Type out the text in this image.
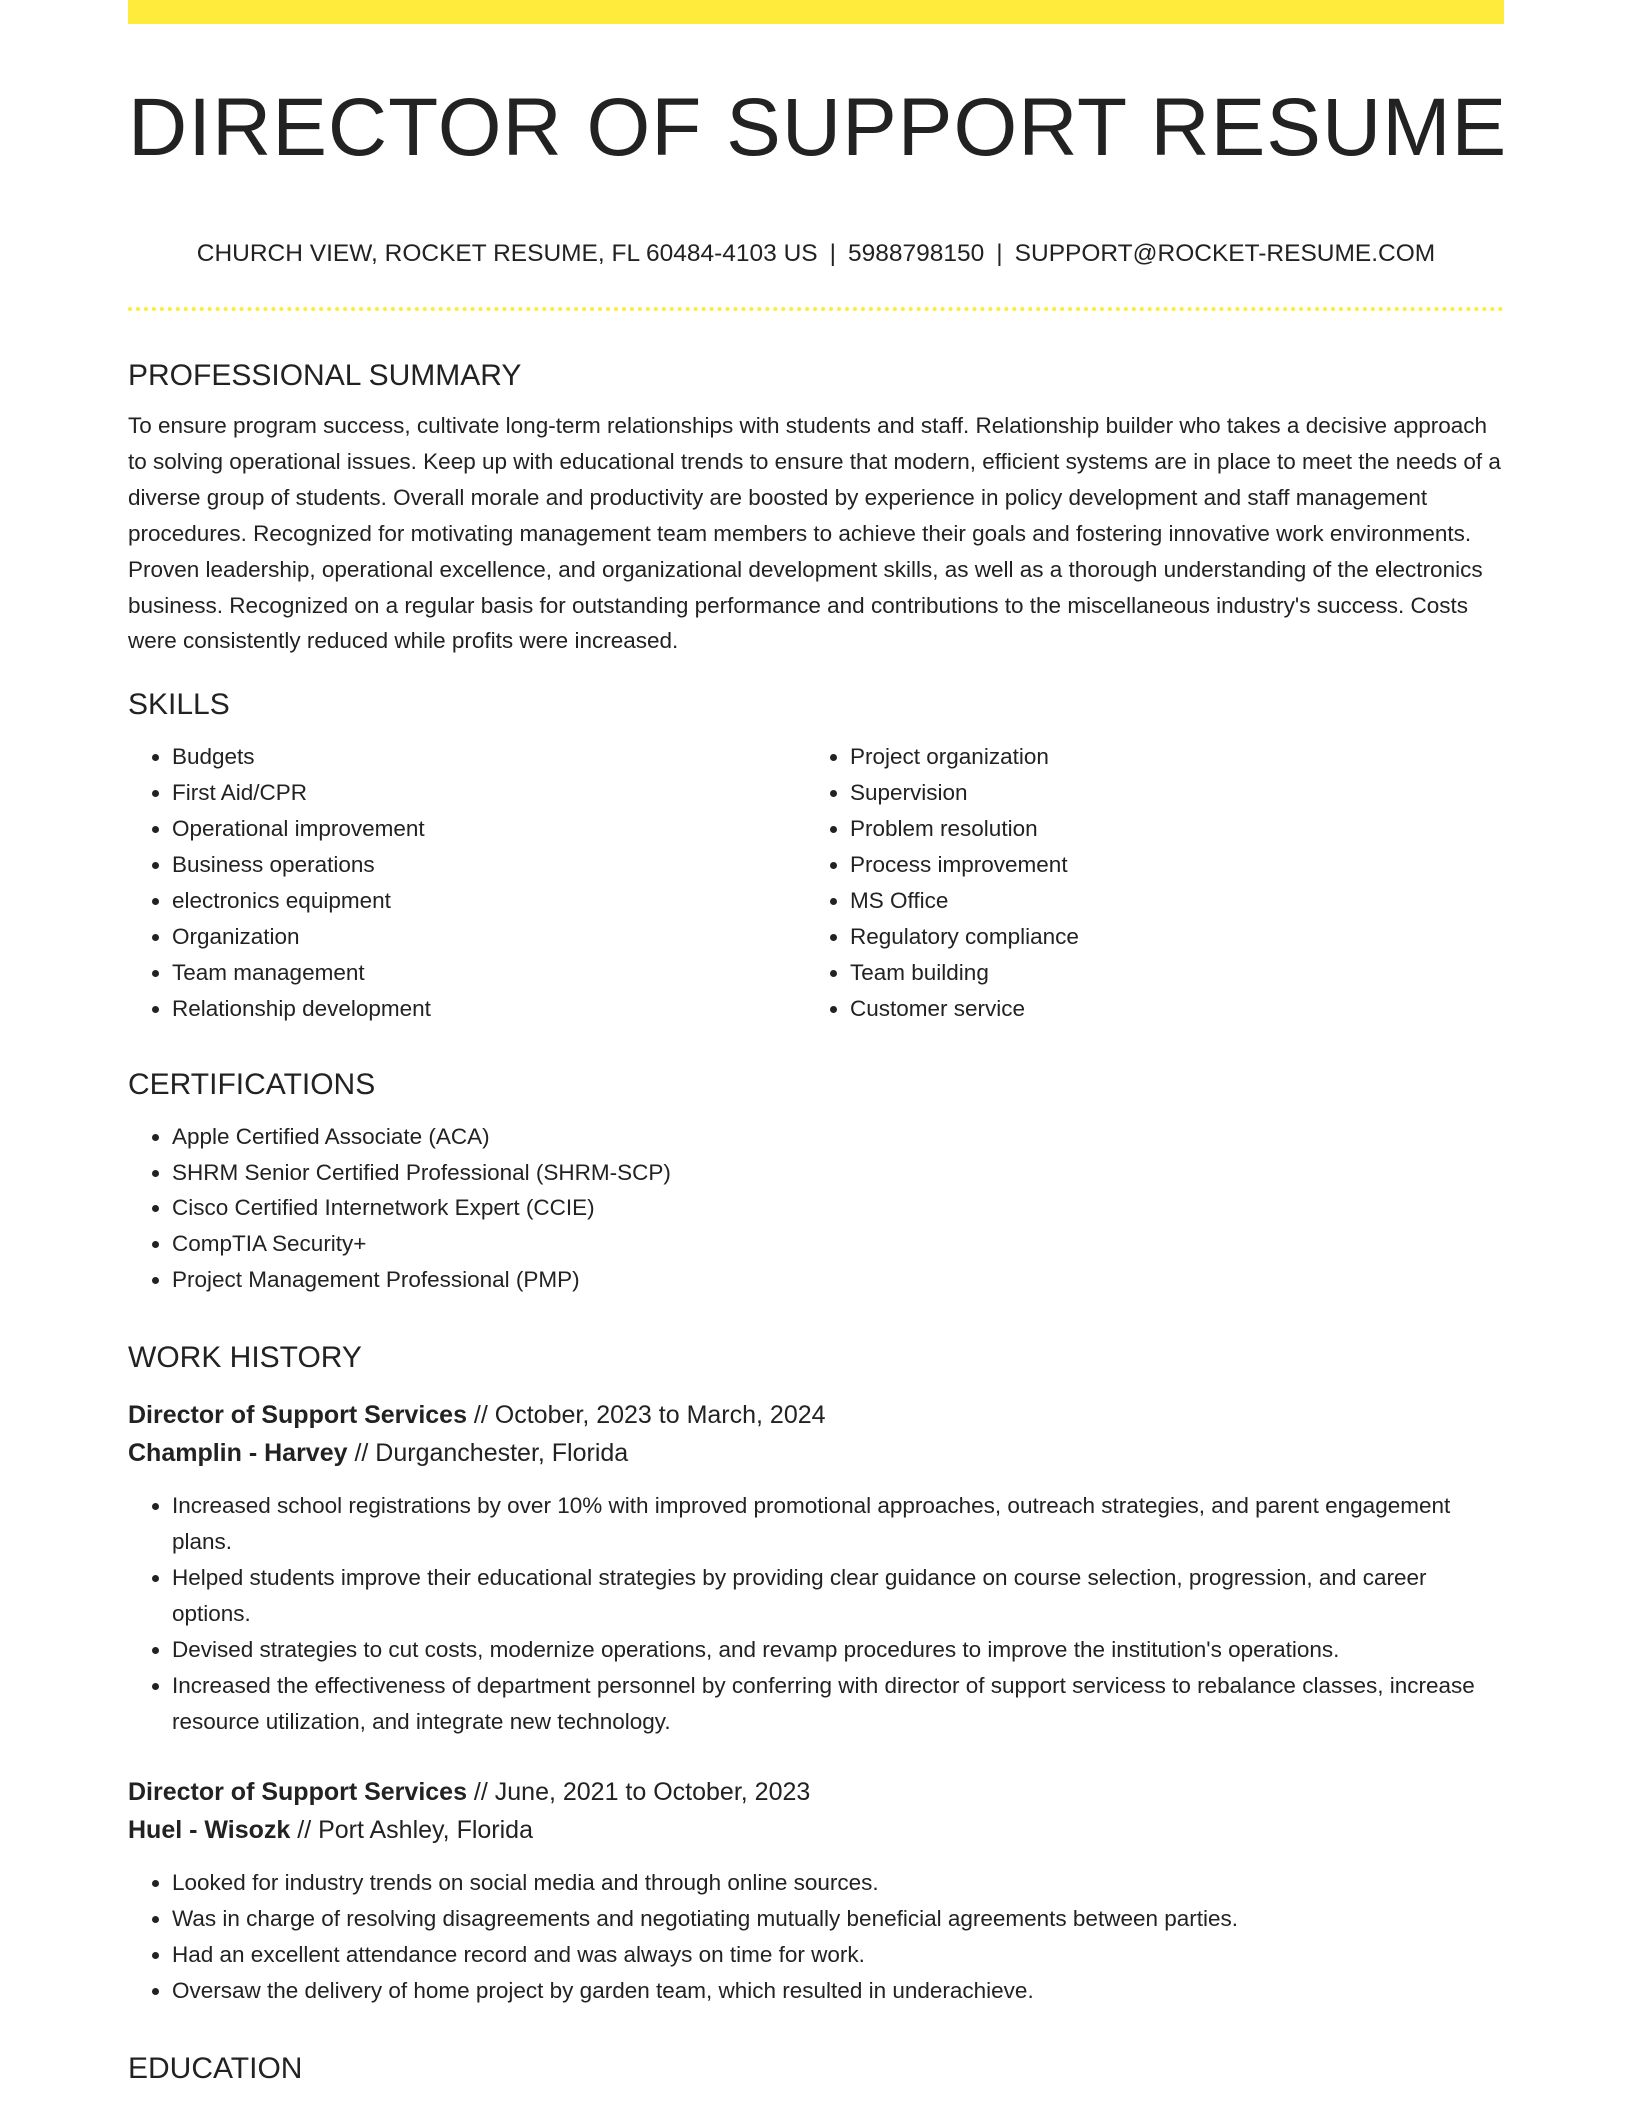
DIRECTOR OF SUPPORT RESUME
CHURCH VIEW, ROCKET RESUME, FL 60484-4103 US | 5988798150 | SUPPORT@ROCKET-RESUME.COM
PROFESSIONAL SUMMARY

To ensure program success, cultivate long-term relationships with students and staff. Relationship builder who takes a decisive approach to solving operational issues. Keep up with educational trends to ensure that modern, efficient systems are in place to meet the needs of a diverse group of students. Overall morale and productivity are boosted by experience in policy development and staff management procedures. Recognized for motivating management team members to achieve their goals and fostering innovative work environments. Proven leadership, operational excellence, and organizational development skills, as well as a thorough understanding of the electronics business. Recognized on a regular basis for outstanding performance and contributions to the miscellaneous industry's success. Costs were consistently reduced while profits were increased.

SKILLS
• Budgets
• First Aid/CPR
• Operational improvement
• Business operations
• electronics equipment
• Organization
• Team management
• Relationship development
• Project organization
• Supervision
• Problem resolution
• Process improvement
• MS Office
• Regulatory compliance
• Team building
• Customer service
CERTIFICATIONS
• Apple Certified Associate (ACA)
• SHRM Senior Certified Professional (SHRM-SCP)
• Cisco Certified Internetwork Expert (CCIE)
• CompTIA Security+
• Project Management Professional (PMP)
WORK HISTORY
Director of Support Services // October, 2023 to March, 2024
Champlin - Harvey // Durganchester, Florida
• Increased school registrations by over 10% with improved promotional approaches, outreach strategies, and parent engagement plans.
• Helped students improve their educational strategies by providing clear guidance on course selection, progression, and career options.
• Devised strategies to cut costs, modernize operations, and revamp procedures to improve the institution's operations.
• Increased the effectiveness of department personnel by conferring with director of support servicess to rebalance classes, increase resource utilization, and integrate new technology.
Director of Support Services // June, 2021 to October, 2023
Huel - Wisozk // Port Ashley, Florida
• Looked for industry trends on social media and through online sources.
• Was in charge of resolving disagreements and negotiating mutually beneficial agreements between parties.
• Had an excellent attendance record and was always on time for work.
• Oversaw the delivery of home project by garden team, which resulted in underachieve.
EDUCATION
